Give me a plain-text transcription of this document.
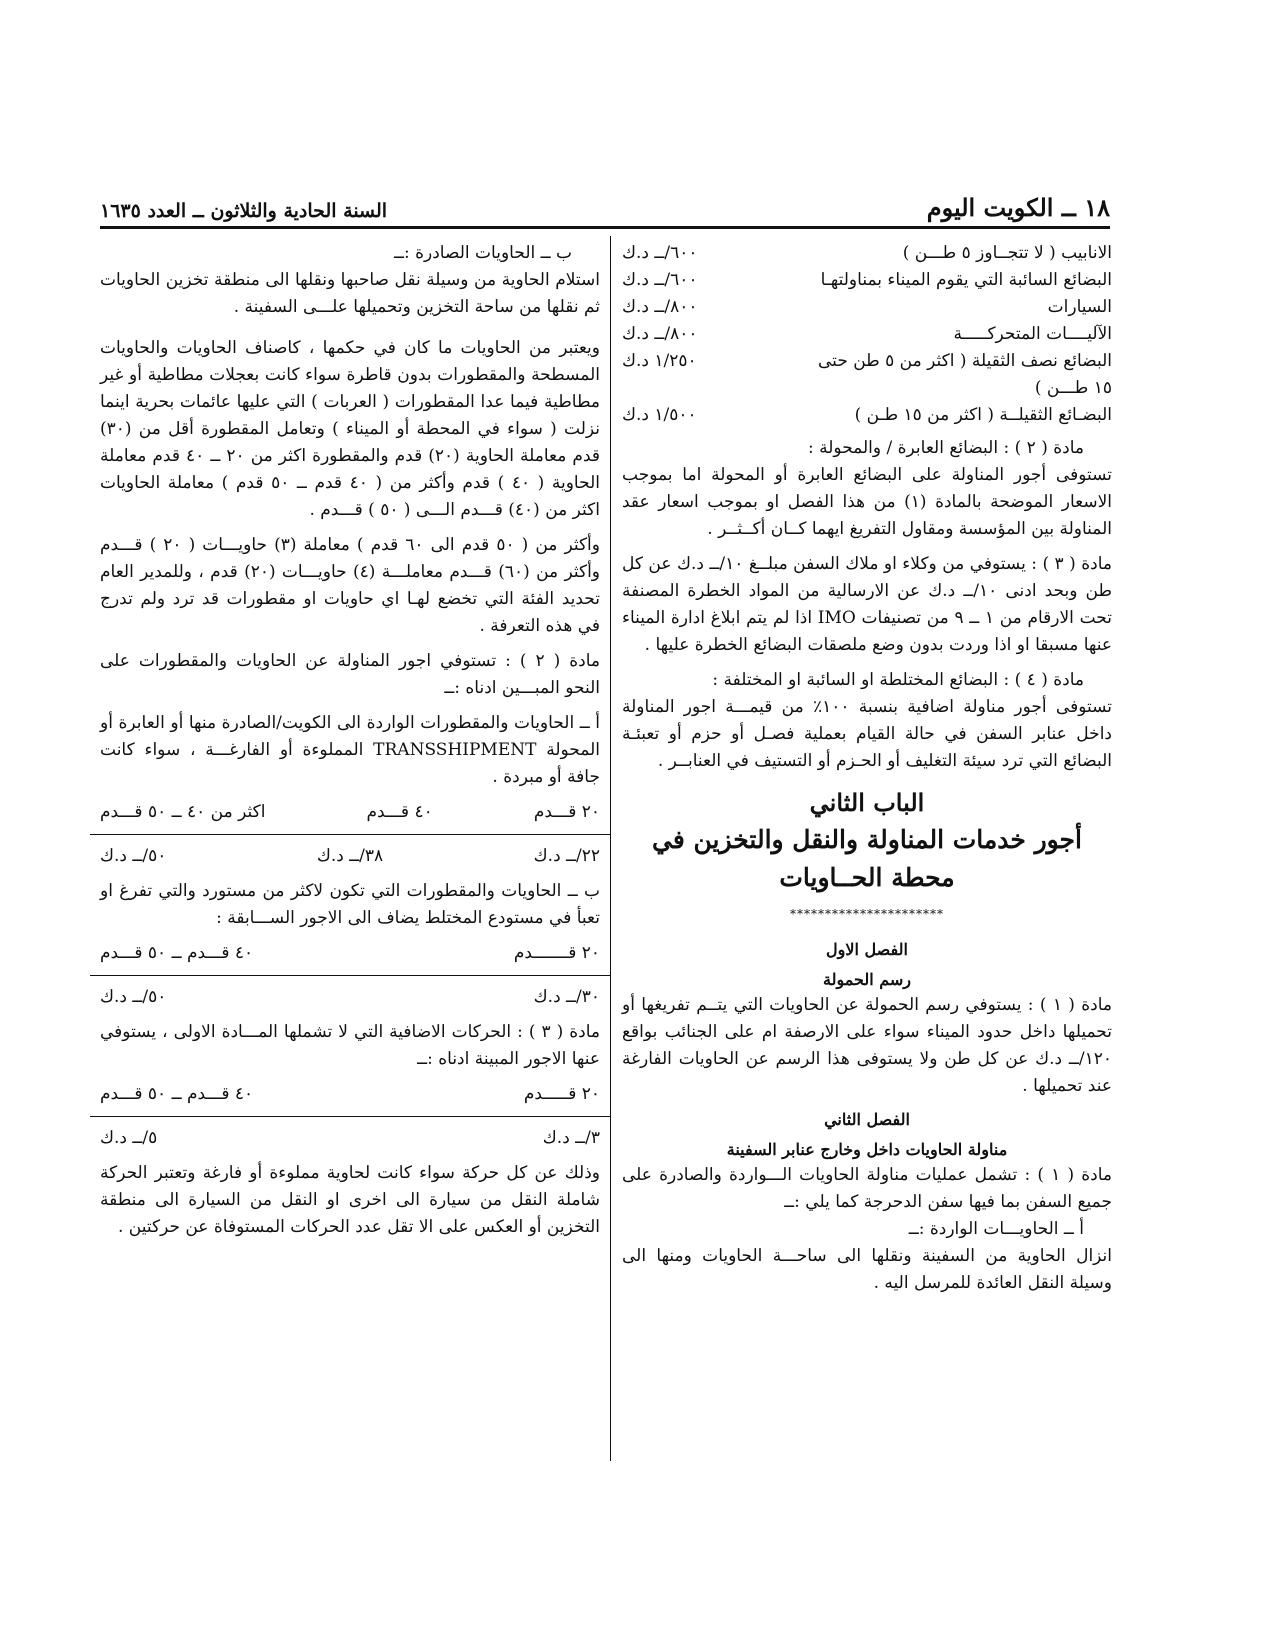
السنة الحادية والثلاثون ــ العدد ١٦٣٥	١٨ ــ الكويت اليوم
الانابيب ( لا تتجــاوز ٥ طـــن )
٦٠٠/ــ د.ك
البضائع السائبة التي يقوم الميناء بمناولتهـا
٦٠٠/ــ د.ك
السيارات
٨٠٠/ــ د.ك
الآليــــات المتحركـــــة
٨٠٠/ــ د.ك
البضائع نصف الثقيلة ( اكثر من ٥ طن حتى
١/٢٥٠ د.ك
١٥ طـــن )
البضـائع الثقيلــة ( اكثر من ١٥ طـن )
١/٥٠٠ د.ك

مادة ( ٢ ) : البضائع العابرة / والمحولة :

تستوفى أجور المناولة على البضائع العابرة أو المحولة اما بموجب الاسعار الموضحة بالمادة (١) من هذا الفصل او بموجب اسعار عقد المناولة بين المؤسسة ومقاول التفريغ ايهما كــان أكــثــر .

مادة ( ٣ ) : يستوفي من وكلاء او ملاك السفن مبلــغ ١٠/ــ د.ك عن كل طن وبحد ادنى ١٠/ــ د.ك عن الارسالية من المواد الخطرة المصنفة تحت الارقام من ١ ــ ٩ من تصنيفات IMO اذا لم يتم ابلاغ ادارة الميناء عنها مسبقا او اذا وردت بدون وضع ملصقات البضائع الخطرة عليها .

مادة ( ٤ ) : البضائع المختلطة او السائبة او المختلفة :

تستوفى أجور مناولة اضافية بنسبة ١٠٠٪ من قيمـــة اجور المناولة داخل عنابر السفن في حالة القيام بعملية فصـل أو حزم أو تعبئـة البضائع التي ترد سيئة التغليف أو الحـزم أو التستيف في العنابــر .

الباب الثاني
أجور خدمات المناولة والنقل والتخزين في محطة الحــاويات
**********************
الفصل الاول
رسم الحمولة

مادة ( ١ ) : يستوفي رسم الحمولة عن الحاويات التي يتــم تفريغها أو تحميلها داخل حدود الميناء سواء على الارصفة ام على الجنائب بواقع ١٢٠/ــ د.ك عن كل طن ولا يستوفى هذا الرسم عن الحاويات الفارغة عند تحميلها .

الفصل الثاني
مناولة الحاويات داخل وخارج عنابر السفينة

مادة ( ١ ) : تشمل عمليات مناولة الحاويات الـــواردة والصادرة على جميع السفن بما فيها سفن الدحرجة كما يلي :ــ

أ ــ الحاويـــات الواردة :ــ

انزال الحاوية من السفينة ونقلها الى ساحـــة الحاويات ومنها الى وسيلة النقل العائدة للمرسل اليه .

ب ــ الحاويات الصادرة :ــ

استلام الحاوية من وسيلة نقل صاحبها ونقلها الى منطقة تخزين الحاويات ثم نقلها من ساحة التخزين وتحميلها علـــى السفينة .

ويعتبر من الحاويات ما كان في حكمها ، كاصناف الحاويات والحاويات المسطحة والمقطورات بدون قاطرة سواء كانت بعجلات مطاطية أو غير مطاطية فيما عدا المقطورات ( العربات ) التي عليها عائمات بحرية اينما نزلت ( سواء في المحطة أو الميناء ) وتعامل المقطورة أقل من (٣٠) قدم معاملة الحاوية (٢٠) قدم والمقطورة اكثر من ٢٠ ــ ٤٠ قدم معاملة الحاوية ( ٤٠ ) قدم وأكثر من ( ٤٠ قدم ــ ٥٠ قدم ) معاملة الحاويات اكثر من (٤٠) قـــدم الـــى ( ٥٠ ) قـــدم .

وأكثر من ( ٥٠ قدم الى ٦٠ قدم ) معاملة (٣) حاويـــات ( ٢٠ ) قـــدم وأكثر من (٦٠) قـــدم معاملـــة (٤) حاويـــات (٢٠) قدم ، وللمدير العام تحديد الفئة التي تخضع لهـا اي حاويات او مقطورات قد ترد ولم تدرج في هذه التعرفة .

مادة ( ٢ ) : تستوفي اجور المناولة عن الحاويات والمقطورات على النحو المبـــين ادناه :ــ

أ ــ الحاويات والمقطورات الواردة الى الكويت/الصادرة منها أو العابرة أو المحولة TRANSSHIPMENT المملوءة أو الفارغـــة ، سواء كانت جافة أو مبردة .

٢٠ قـــدم
٤٠ قـــدم
اكثر من ٤٠ ــ ٥٠ قـــدم
٢٢/ــ د.ك
٣٨/ــ د.ك
٥٠/ــ د.ك

ب ــ الحاويات والمقطورات التي تكون لاكثر من مستورد والتي تفرغ او تعبأ في مستودع المختلط يضاف الى الاجور الســـابقة :

٢٠ قـــــــدم
٤٠ قـــدم ــ ٥٠ قـــدم
٣٠/ــ د.ك
٥٠/ــ د.ك

مادة ( ٣ ) : الحركات الاضافية التي لا تشملها المـــادة الاولى ، يستوفي عنها الاجور المبينة ادناه :ــ

٢٠ قـــــدم
٤٠ قـــدم ــ ٥٠ قـــدم
٣/ــ د.ك
٥/ــ د.ك

وذلك عن كل حركة سواء كانت لحاوية مملوءة أو فارغة وتعتبر الحركة شاملة النقل من سيارة الى اخرى او النقل من السيارة الى منطقة التخزين أو العكس على الا تقل عدد الحركات المستوفاة عن حركتين .
